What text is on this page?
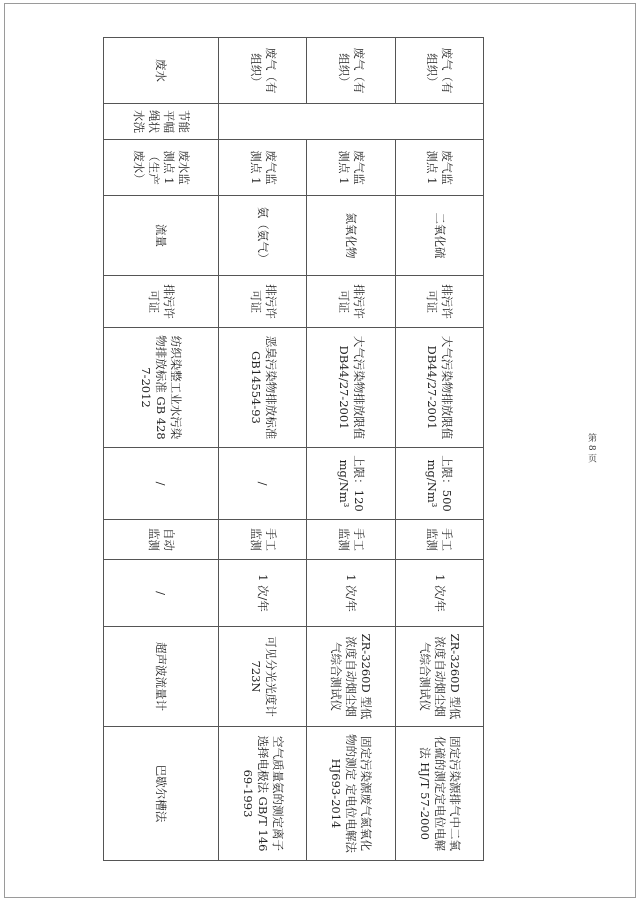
废气（有组织）		废气监测点 1	二氧化硫	排污许可证	大气污染物排放限值 DB44/27-2001	上限：500mg/Nm³	手工监测	1 次/年	ZR-3260D 型低浓度自动烟尘烟气综合测试仪	固定污染源排气中二氧化硫的测定定电位电解法 HJ/T 57-2000
废气（有组织）		废气监测点 1	氮氧化物	排污许可证	大气污染物排放限值 DB44/27-2001	上限：120mg/Nm³	手工监测	1 次/年	ZR-3260D 型低浓度自动烟尘烟气综合测试仪	固定污染源废气氮氧化物的测定 定电位电解法 HJ693-2014
废气（有组织）		废气监测点 1	氨（氨气）	排污许可证	恶臭污染物排放标准 GB14554-93	/	手工监测	1 次/年	可见分光光度计 723N	空气质量氨的测定离子选择电极法 GB/T 14669-1993
废水	节能平幅绳状水洗	废水监测点 1（生产废水）	流量	排污许可证	纺织染整工业水污染物排放标准 GB 4287-2012	/	自动监测	/	超声波流量计	巴歇尔槽法
第 8 页
